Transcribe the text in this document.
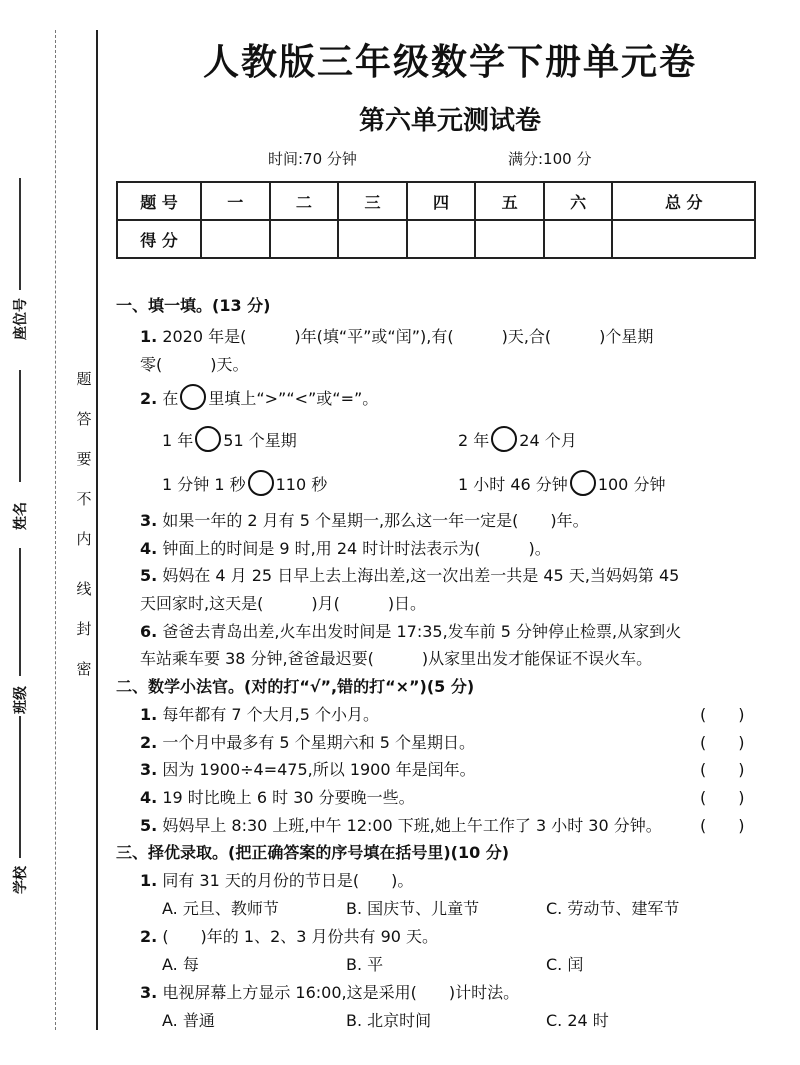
座位号
姓名
班级
学校
题
答
要
不
内
线
封
密
人教版三年级数学下册单元卷
第六单元测试卷
时间:70 分钟	满分:100 分
题 号	一	二	三	四	五	六	总 分
得 分							
一、填一填。(13 分)
1. 2020 年是(　　　)年(填“平”或“闰”),有(　　　)天,合(　　　)个星期
零(　　　)天。
2. 在 里填上“>”“<”或“=”。
1 年 51 个星期	2 年 24 个月
1 分钟 1 秒 110 秒	1 小时 46 分钟 100 分钟
3. 如果一年的 2 月有 5 个星期一,那么这一年一定是(　　)年。
4. 钟面上的时间是 9 时,用 24 时计时法表示为(　　　)。
5. 妈妈在 4 月 25 日早上去上海出差,这一次出差一共是 45 天,当妈妈第 45
天回家时,这天是(　　　)月(　　　)日。
6. 爸爸去青岛出差,火车出发时间是 17:35,发车前 5 分钟停止检票,从家到火
车站乘车要 38 分钟,爸爸最迟要(　　　)从家里出发才能保证不误火车。
二、数学小法官。(对的打“√”,错的打“×”)(5 分)
1. 每年都有 7 个大月,5 个小月。	(　　)
2. 一个月中最多有 5 个星期六和 5 个星期日。	(　　)
3. 因为 1900÷4=475,所以 1900 年是闰年。	(　　)
4. 19 时比晚上 6 时 30 分要晚一些。	(　　)
5. 妈妈早上 8:30 上班,中午 12:00 下班,她上午工作了 3 小时 30 分钟。 (　　)
三、择优录取。(把正确答案的序号填在括号里)(10 分)
1. 同有 31 天的月份的节日是(　　)。
A. 元旦、教师节	B. 国庆节、儿童节	C. 劳动节、建军节
2. (　　)年的 1、2、3 月份共有 90 天。
A. 每	B. 平	C. 闰
3. 电视屏幕上方显示 16:00,这是采用(　　)计时法。
A. 普通	B. 北京时间	C. 24 时
